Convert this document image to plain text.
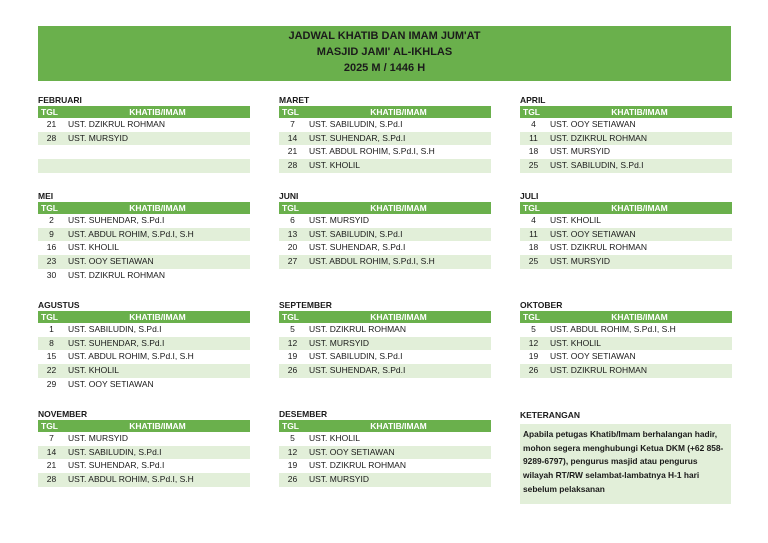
JADWAL KHATIB DAN IMAM JUM'AT
MASJID JAMI' AL-IKHLAS
2025 M / 1446 H
FEBRUARI
TGL	KHATIB/IMAM
21	UST. DZIKRUL ROHMAN
28	UST. MURSYID
MARET
TGL	KHATIB/IMAM
7	UST. SABILUDIN, S.Pd.I
14	UST. SUHENDAR, S.Pd.I
21	UST. ABDUL ROHIM, S.Pd.I, S.H
28	UST. KHOLIL
APRIL
TGL	KHATIB/IMAM
4	UST. OOY SETIAWAN
11	UST. DZIKRUL ROHMAN
18	UST. MURSYID
25	UST. SABILUDIN, S.Pd.I
MEI
TGL	KHATIB/IMAM
2	UST. SUHENDAR, S.Pd.I
9	UST. ABDUL ROHIM, S.Pd.I, S.H
16	UST. KHOLIL
23	UST. OOY SETIAWAN
30	UST. DZIKRUL ROHMAN
JUNI
TGL	KHATIB/IMAM
6	UST. MURSYID
13	UST. SABILUDIN, S.Pd.I
20	UST. SUHENDAR, S.Pd.I
27	UST. ABDUL ROHIM, S.Pd.I, S.H
JULI
TGL	KHATIB/IMAM
4	UST. KHOLIL
11	UST. OOY SETIAWAN
18	UST. DZIKRUL ROHMAN
25	UST. MURSYID
AGUSTUS
TGL	KHATIB/IMAM
1	UST. SABILUDIN, S.Pd.I
8	UST. SUHENDAR, S.Pd.I
15	UST. ABDUL ROHIM, S.Pd.I, S.H
22	UST. KHOLIL
29	UST. OOY SETIAWAN
SEPTEMBER
TGL	KHATIB/IMAM
5	UST. DZIKRUL ROHMAN
12	UST. MURSYID
19	UST. SABILUDIN, S.Pd.I
26	UST. SUHENDAR, S.Pd.I
OKTOBER
TGL	KHATIB/IMAM
5	UST. ABDUL ROHIM, S.Pd.I, S.H
12	UST. KHOLIL
19	UST. OOY SETIAWAN
26	UST. DZIKRUL ROHMAN
NOVEMBER
TGL	KHATIB/IMAM
7	UST. MURSYID
14	UST. SABILUDIN, S.Pd.I
21	UST. SUHENDAR, S.Pd.I
28	UST. ABDUL ROHIM, S.Pd.I, S.H
DESEMBER
TGL	KHATIB/IMAM
5	UST. KHOLIL
12	UST. OOY SETIAWAN
19	UST. DZIKRUL ROHMAN
26	UST. MURSYID
KETERANGAN
Apabila petugas Khatib/Imam berhalangan hadir, mohon segera menghubungi Ketua DKM (+62 858-9289-6797), pengurus masjid atau pengurus wilayah RT/RW selambat-lambatnya H-1 hari sebelum pelaksanan
